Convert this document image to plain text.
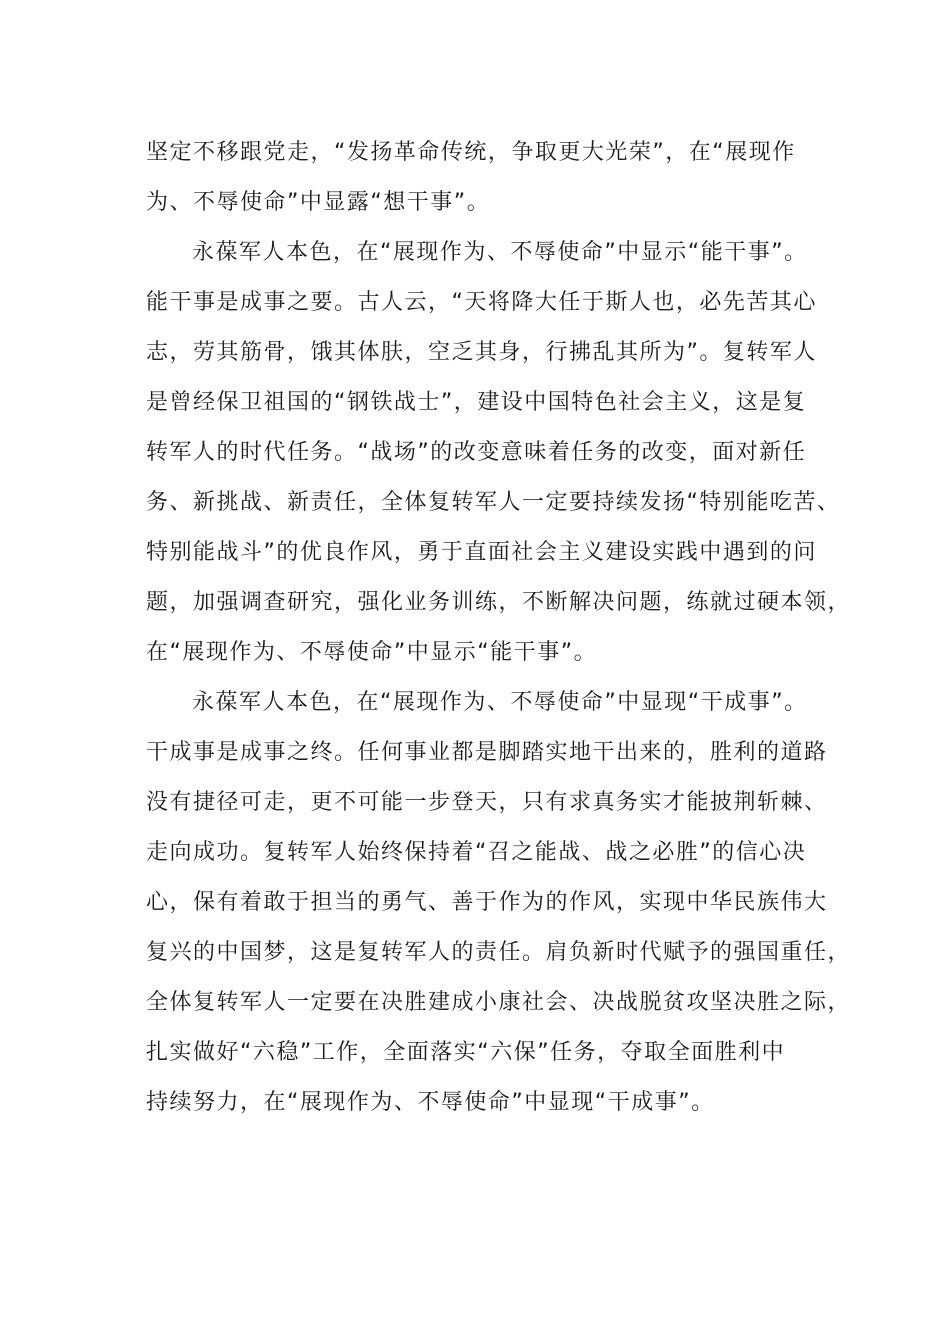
坚定不移跟党走，“发扬革命传统，争取更大光荣”，在“展现作
为、不辱使命”中显露“想干事”。
永葆军人本色，在“展现作为、不辱使命”中显示“能干事”。
能干事是成事之要。古人云，“天将降大任于斯人也，必先苦其心
志，劳其筋骨，饿其体肤，空乏其身，行拂乱其所为”。复转军人
是曾经保卫祖国的“钢铁战士”，建设中国特色社会主义，这是复
转军人的时代任务。“战场”的改变意味着任务的改变，面对新任
务、新挑战、新责任，全体复转军人一定要持续发扬“特别能吃苦、
特别能战斗”的优良作风，勇于直面社会主义建设实践中遇到的问
题，加强调查研究，强化业务训练，不断解决问题，练就过硬本领，
在“展现作为、不辱使命”中显示“能干事”。
永葆军人本色，在“展现作为、不辱使命”中显现“干成事”。
干成事是成事之终。任何事业都是脚踏实地干出来的，胜利的道路
没有捷径可走，更不可能一步登天，只有求真务实才能披荆斩棘、
走向成功。复转军人始终保持着“召之能战、战之必胜”的信心决
心，保有着敢于担当的勇气、善于作为的作风，实现中华民族伟大
复兴的中国梦，这是复转军人的责任。肩负新时代赋予的强国重任，
全体复转军人一定要在决胜建成小康社会、决战脱贫攻坚决胜之际，
扎实做好“六稳”工作，全面落实“六保”任务，夺取全面胜利中
持续努力，在“展现作为、不辱使命”中显现“干成事”。
